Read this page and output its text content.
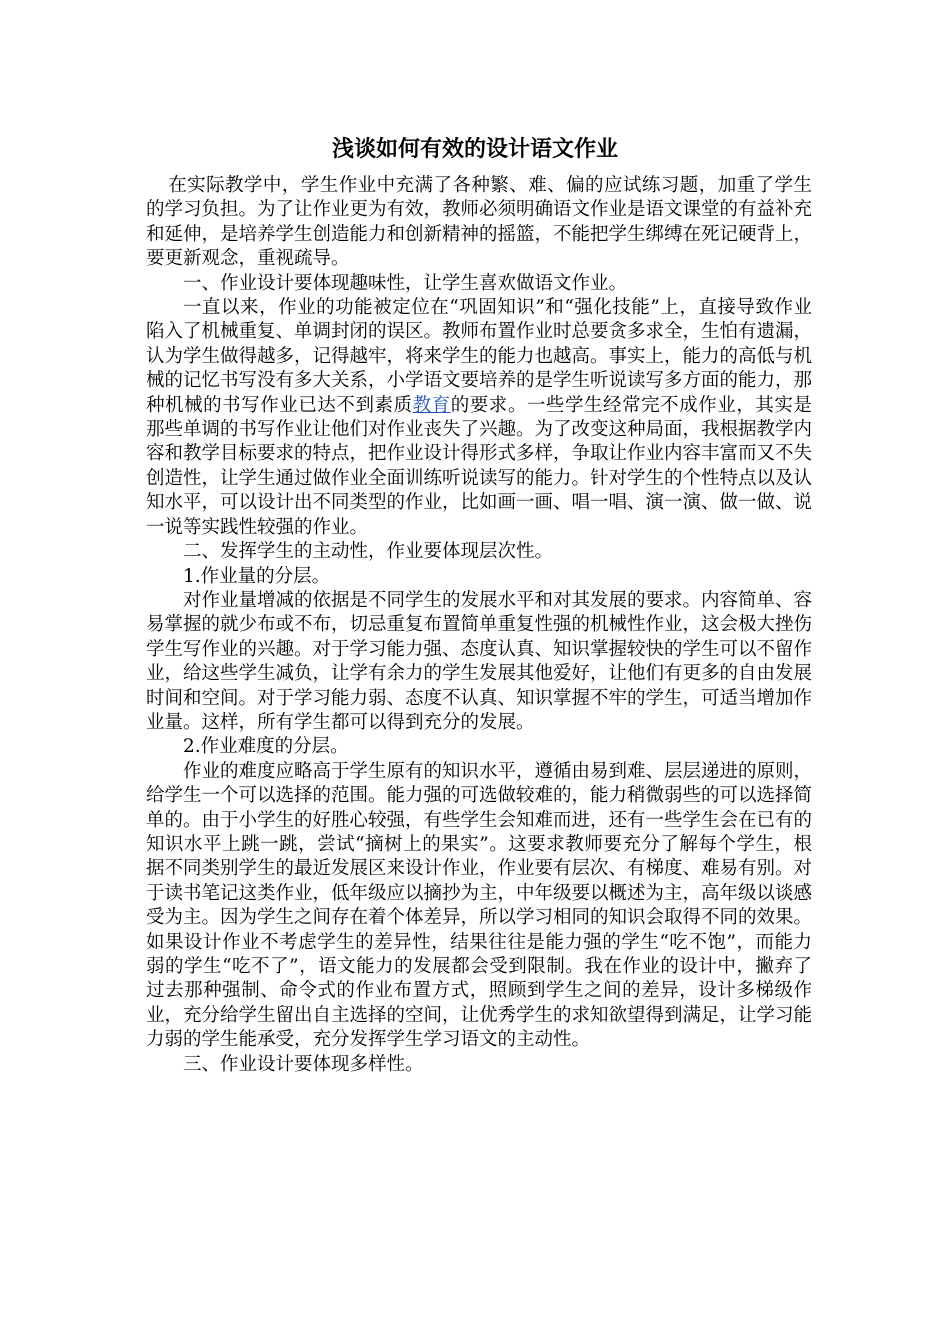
浅谈如何有效的设计语文作业

在实际教学中，学生作业中充满了各种繁、难、偏的应试练习题，加重了学生的学习负担。为了让作业更为有效，教师必须明确语文作业是语文课堂的有益补充和延伸，是培养学生创造能力和创新精神的摇篮，不能把学生绑缚在死记硬背上，要更新观念，重视疏导。

一、作业设计要体现趣味性，让学生喜欢做语文作业。

一直以来，作业的功能被定位在“巩固知识”和“强化技能”上，直接导致作业陷入了机械重复、单调封闭的误区。教师布置作业时总要贪多求全，生怕有遗漏，认为学生做得越多，记得越牢，将来学生的能力也越高。事实上，能力的高低与机械的记忆书写没有多大关系，小学语文要培养的是学生听说读写多方面的能力，那种机械的书写作业已达不到素质教育的要求。一些学生经常完不成作业，其实是那些单调的书写作业让他们对作业丧失了兴趣。为了改变这种局面，我根据教学内容和教学目标要求的特点，把作业设计得形式多样，争取让作业内容丰富而又不失创造性，让学生通过做作业全面训练听说读写的能力。针对学生的个性特点以及认知水平，可以设计出不同类型的作业，比如画一画、唱一唱、演一演、做一做、说一说等实践性较强的作业。

二、发挥学生的主动性，作业要体现层次性。

1.作业量的分层。

对作业量增减的依据是不同学生的发展水平和对其发展的要求。内容简单、容易掌握的就少布或不布，切忌重复布置简单重复性强的机械性作业，这会极大挫伤学生写作业的兴趣。对于学习能力强、态度认真、知识掌握较快的学生可以不留作业，给这些学生减负，让学有余力的学生发展其他爱好，让他们有更多的自由发展时间和空间。对于学习能力弱、态度不认真、知识掌握不牢的学生，可适当增加作业量。这样，所有学生都可以得到充分的发展。

2.作业难度的分层。

作业的难度应略高于学生原有的知识水平，遵循由易到难、层层递进的原则，给学生一个可以选择的范围。能力强的可选做较难的，能力稍微弱些的可以选择简单的。由于小学生的好胜心较强，有些学生会知难而进，还有一些学生会在已有的知识水平上跳一跳，尝试“摘树上的果实”。这要求教师要充分了解每个学生，根据不同类别学生的最近发展区来设计作业，作业要有层次、有梯度、难易有别。对于读书笔记这类作业，低年级应以摘抄为主，中年级要以概述为主，高年级以谈感受为主。因为学生之间存在着个体差异，所以学习相同的知识会取得不同的效果。如果设计作业不考虑学生的差异性，结果往往是能力强的学生“吃不饱”，而能力弱的学生“吃不了”，语文能力的发展都会受到限制。我在作业的设计中，撇弃了过去那种强制、命令式的作业布置方式，照顾到学生之间的差异，设计多梯级作业，充分给学生留出自主选择的空间，让优秀学生的求知欲望得到满足，让学习能力弱的学生能承受，充分发挥学生学习语文的主动性。

三、作业设计要体现多样性。
